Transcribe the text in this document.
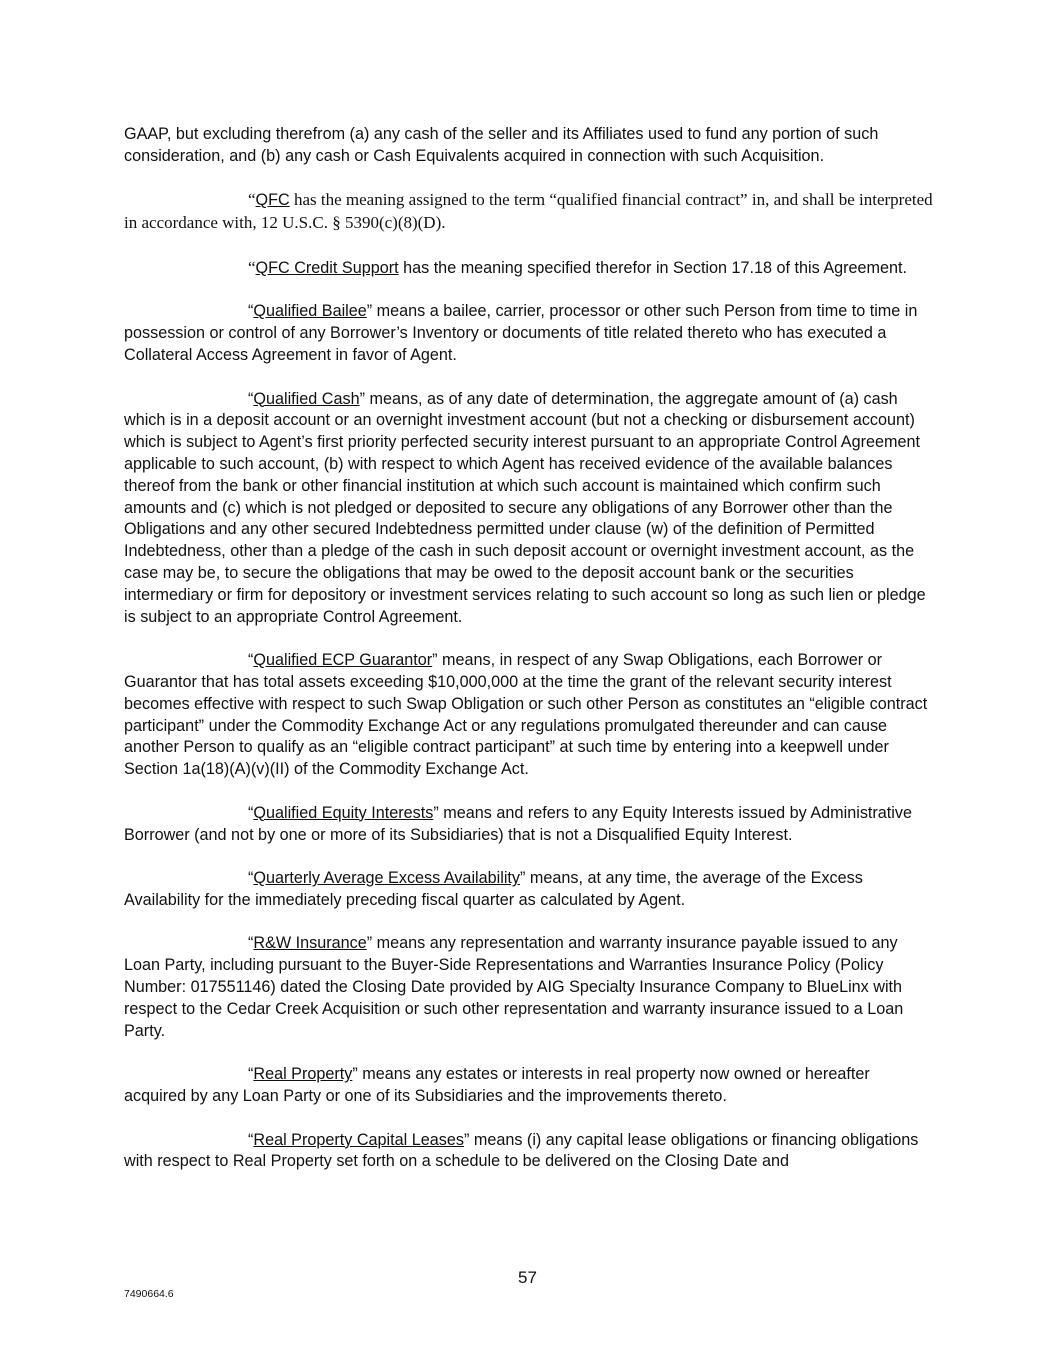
GAAP, but excluding therefrom (a) any cash of the seller and its Affiliates used to fund any portion of such consideration, and (b) any cash or Cash Equivalents acquired in connection with such Acquisition.

“QFC has the meaning assigned to the term “qualified financial contract” in, and shall be interpreted in accordance with, 12 U.S.C. § 5390(c)(8)(D).

“QFC Credit Support has the meaning specified therefor in Section 17.18 of this Agreement.

“Qualified Bailee” means a bailee, carrier, processor or other such Person from time to time in possession or control of any Borrower’s Inventory or documents of title related thereto who has executed a Collateral Access Agreement in favor of Agent.

“Qualified Cash” means, as of any date of determination, the aggregate amount of (a) cash which is in a deposit account or an overnight investment account (but not a checking or disbursement account) which is subject to Agent’s first priority perfected security interest pursuant to an appropriate Control Agreement applicable to such account, (b) with respect to which Agent has received evidence of the available balances thereof from the bank or other financial institution at which such account is maintained which confirm such amounts and (c) which is not pledged or deposited to secure any obligations of any Borrower other than the Obligations and any other secured Indebtedness permitted under clause (w) of the definition of Permitted Indebtedness, other than a pledge of the cash in such deposit account or overnight investment account, as the case may be, to secure the obligations that may be owed to the deposit account bank or the securities intermediary or firm for depository or investment services relating to such account so long as such lien or pledge is subject to an appropriate Control Agreement.

“Qualified ECP Guarantor” means, in respect of any Swap Obligations, each Borrower or Guarantor that has total assets exceeding $10,000,000 at the time the grant of the relevant security interest becomes effective with respect to such Swap Obligation or such other Person as constitutes an “eligible contract participant” under the Commodity Exchange Act or any regulations promulgated thereunder and can cause another Person to qualify as an “eligible contract participant” at such time by entering into a keepwell under Section 1a(18)(A)(v)(II) of the Commodity Exchange Act.

“Qualified Equity Interests” means and refers to any Equity Interests issued by Administrative Borrower (and not by one or more of its Subsidiaries) that is not a Disqualified Equity Interest.

“Quarterly Average Excess Availability” means, at any time, the average of the Excess Availability for the immediately preceding fiscal quarter as calculated by Agent.

“R&W Insurance” means any representation and warranty insurance payable issued to any Loan Party, including pursuant to the Buyer-Side Representations and Warranties Insurance Policy (Policy Number: 017551146) dated the Closing Date provided by AIG Specialty Insurance Company to BlueLinx with respect to the Cedar Creek Acquisition or such other representation and warranty insurance issued to a Loan Party.

“Real Property” means any estates or interests in real property now owned or hereafter acquired by any Loan Party or one of its Subsidiaries and the improvements thereto.

“Real Property Capital Leases” means (i) any capital lease obligations or financing obligations with respect to Real Property set forth on a schedule to be delivered on the Closing Date and

57
7490664.6
